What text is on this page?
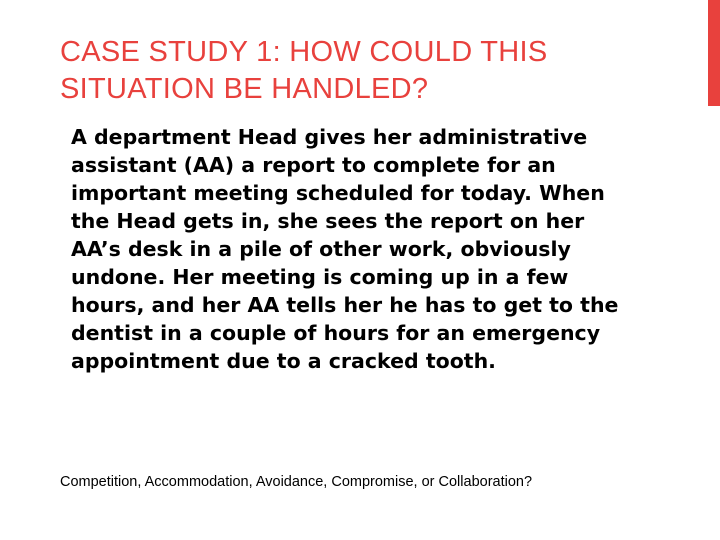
CASE STUDY 1: HOW COULD THIS SITUATION BE HANDLED?

A department Head gives her administrative assistant (AA) a report to complete for an important meeting scheduled for today. When the Head gets in, she sees the report on her AA’s desk in a pile of other work, obviously undone. Her meeting is coming up in a few hours, and her AA tells her he has to get to the dentist in a couple of hours for an emergency appointment due to a cracked tooth.

Competition, Accommodation, Avoidance, Compromise, or Collaboration?
